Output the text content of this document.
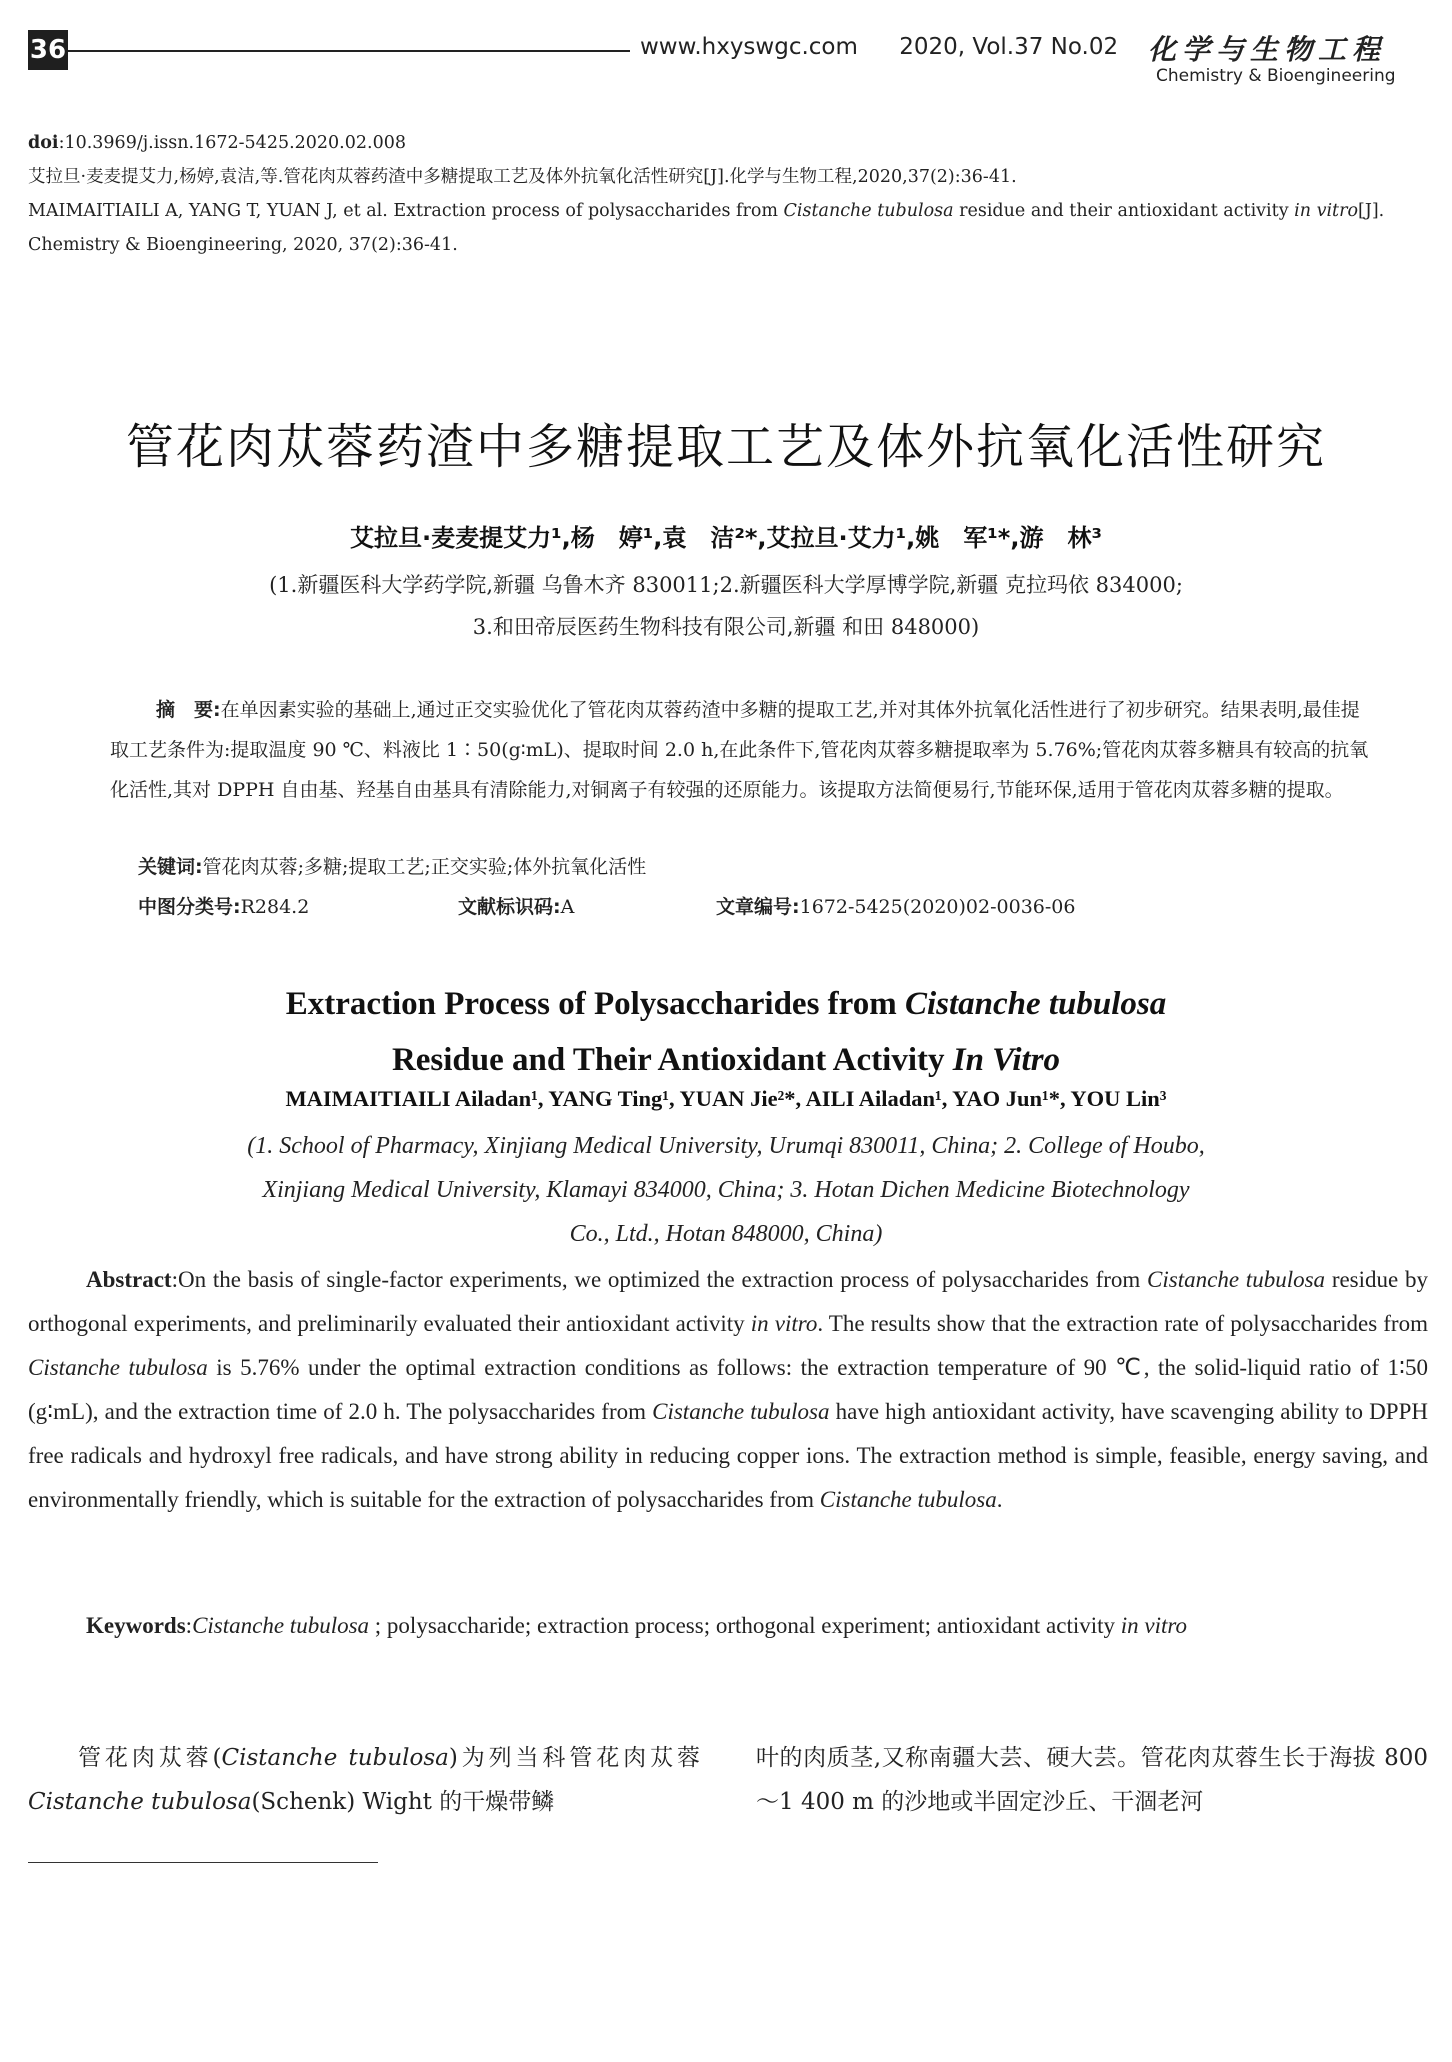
36	www.hxyswgc.com 2020, Vol.37 No.02 化学与生物工程
Chemistry & Bioengineering

doi:10.3969/j.issn.1672-5425.2020.02.008

艾拉旦·麦麦提艾力,杨婷,袁洁,等.管花肉苁蓉药渣中多糖提取工艺及体外抗氧化活性研究[J].化学与生物工程,2020,37(2):36-41.

MAIMAITIAILI A, YANG T, YUAN J, et al. Extraction process of polysaccharides from Cistanche tubulosa residue and their antioxidant activity in vitro[J]. Chemistry & Bioengineering, 2020, 37(2):36-41.

管花肉苁蓉药渣中多糖提取工艺及体外抗氧化活性研究
艾拉旦·麦麦提艾力¹,杨　婷¹,袁　洁²*,艾拉旦·艾力¹,姚　军¹*,游　林³
(1.新疆医科大学药学院,新疆 乌鲁木齐 830011;2.新疆医科大学厚博学院,新疆 克拉玛依 834000;
3.和田帝辰医药生物科技有限公司,新疆 和田 848000)
摘　要:在单因素实验的基础上,通过正交实验优化了管花肉苁蓉药渣中多糖的提取工艺,并对其体外抗氧化活性进行了初步研究。结果表明,最佳提取工艺条件为:提取温度 90 ℃、料液比 1∶50(g∶mL)、提取时间 2.0 h,在此条件下,管花肉苁蓉多糖提取率为 5.76%;管花肉苁蓉多糖具有较高的抗氧化活性,其对 DPPH 自由基、羟基自由基具有清除能力,对铜离子有较强的还原能力。该提取方法简便易行,节能环保,适用于管花肉苁蓉多糖的提取。
关键词:管花肉苁蓉;多糖;提取工艺;正交实验;体外抗氧化活性
中图分类号:R284.2	文献标识码:A	文章编号:1672-5425(2020)02-0036-06
Extraction Process of Polysaccharides from Cistanche tubulosa
Residue and Their Antioxidant Activity In Vitro
MAIMAITIAILI Ailadan¹, YANG Ting¹, YUAN Jie²*, AILI Ailadan¹, YAO Jun¹*, YOU Lin³
(1. School of Pharmacy, Xinjiang Medical University, Urumqi 830011, China; 2. College of Houbo,
Xinjiang Medical University, Klamayi 834000, China; 3. Hotan Dichen Medicine Biotechnology
Co., Ltd., Hotan 848000, China)
Abstract:On the basis of single-factor experiments, we optimized the extraction process of polysaccharides from Cistanche tubulosa residue by orthogonal experiments, and preliminarily evaluated their antioxidant activity in vitro. The results show that the extraction rate of polysaccharides from Cistanche tubulosa is 5.76% under the optimal extraction conditions as follows: the extraction temperature of 90 ℃, the solid-liquid ratio of 1∶50 (g∶mL), and the extraction time of 2.0 h. The polysaccharides from Cistanche tubulosa have high antioxidant activity, have scavenging ability to DPPH free radicals and hydroxyl free radicals, and have strong ability in reducing copper ions. The extraction method is simple, feasible, energy saving, and environmentally friendly, which is suitable for the extraction of polysaccharides from Cistanche tubulosa.
Keywords:Cistanche tubulosa ; polysaccharide; extraction process; orthogonal experiment; antioxidant activity in vitro
管花肉苁蓉(Cistanche tubulosa)为列当科管花肉苁蓉 Cistanche tubulosa(Schenk) Wight 的干燥带鳞
叶的肉质茎,又称南疆大芸、硬大芸。管花肉苁蓉生长于海拔 800～1 400 m 的沙地或半固定沙丘、干涸老河
